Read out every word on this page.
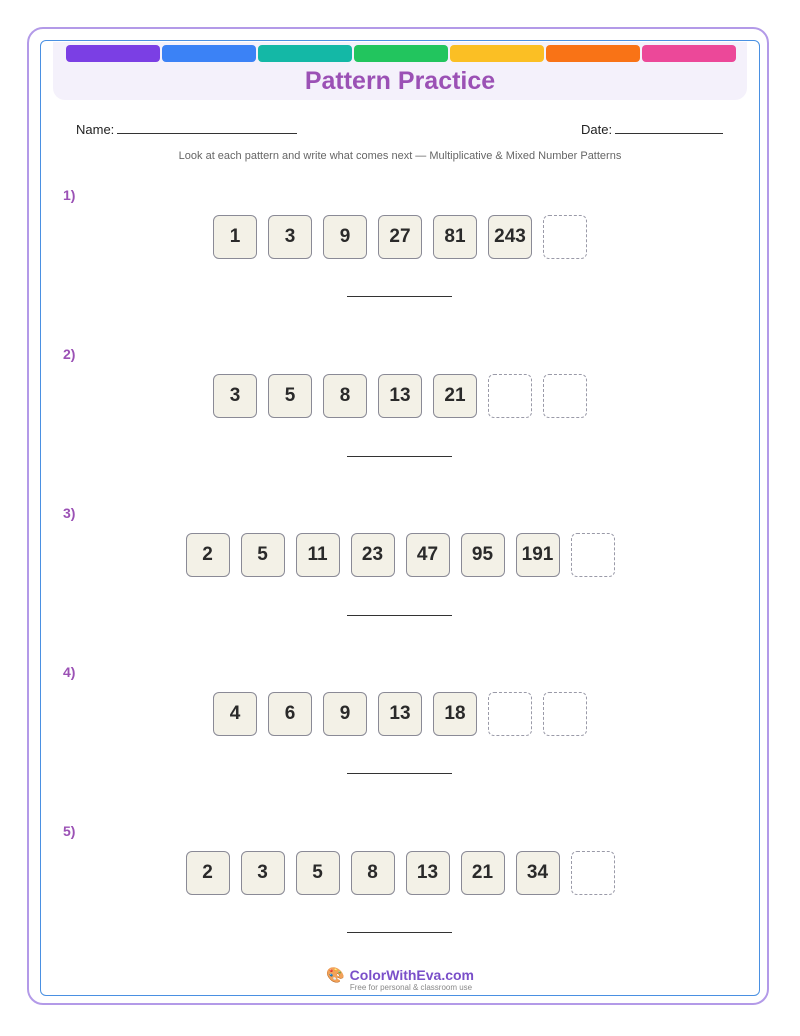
Pattern Practice
Name:	Date:
Look at each pattern and write what comes next — Multiplicative & Mixed Number Patterns
1)
1	3	9	27	81	243
2)
3	5	8	13	21
3)
2	5	11	23	47	95	191
4)
4	6	9	13	18
5)
2	3	5	8	13	21	34
🎨 ColorWithEva.com
Free for personal & classroom use
